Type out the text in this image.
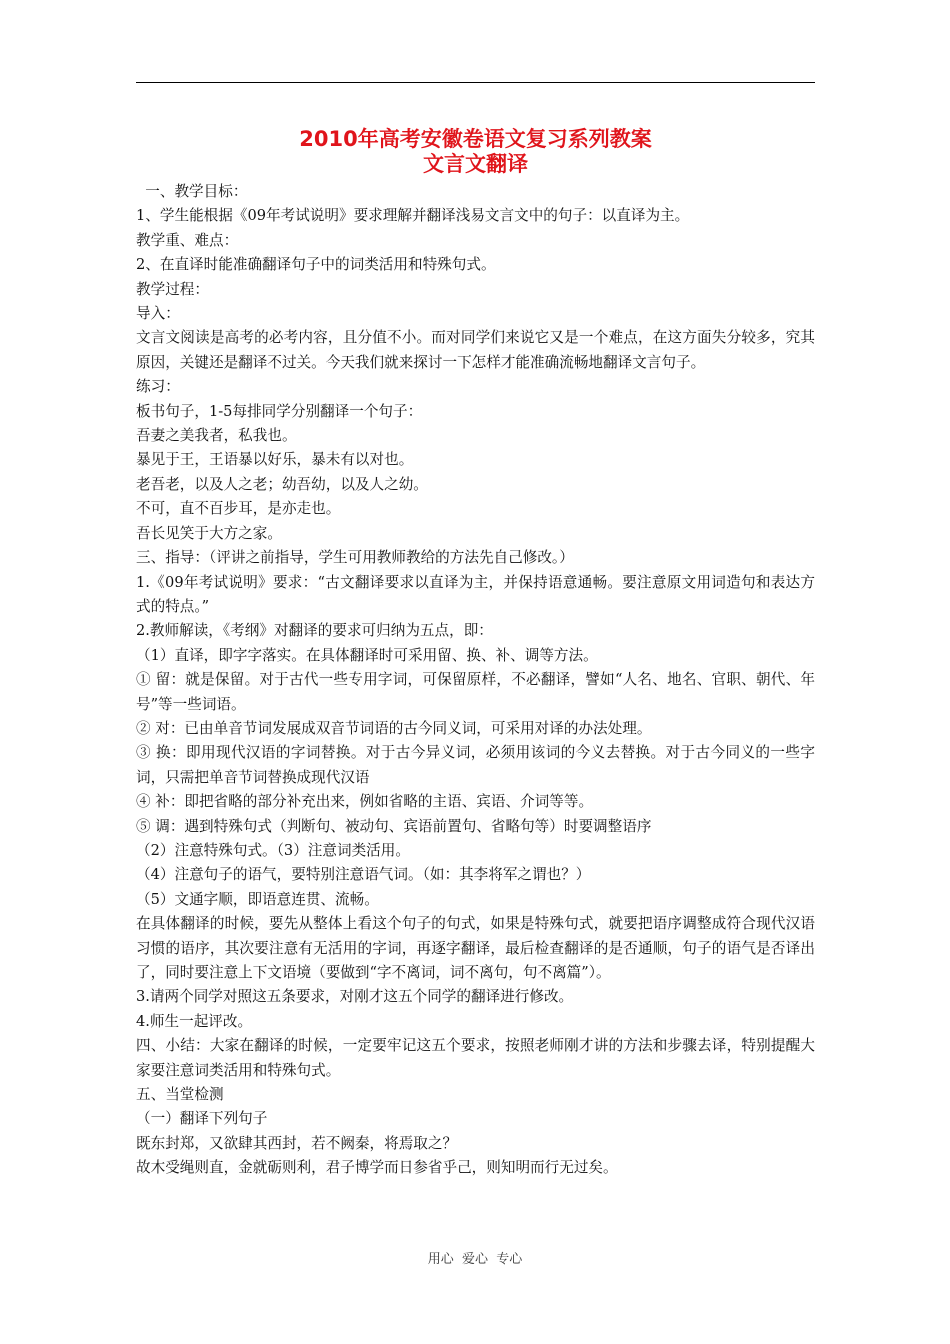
2010年高考安徽卷语文复习系列教案
文言文翻译

一、教学目标：

1、学生能根据《09年考试说明》要求理解并翻译浅易文言文中的句子：以直译为主。

教学重、难点：

2、在直译时能准确翻译句子中的词类活用和特殊句式。

教学过程：

导入：

文言文阅读是高考的必考内容，且分值不小。而对同学们来说它又是一个难点，在这方面失分较多，究其原因，关键还是翻译不过关。今天我们就来探讨一下怎样才能准确流畅地翻译文言句子。

练习：

板书句子，1-5每排同学分别翻译一个句子：

吾妻之美我者，私我也。

暴见于王，王语暴以好乐，暴未有以对也。

老吾老，以及人之老；幼吾幼，以及人之幼。

不可，直不百步耳，是亦走也。

吾长见笑于大方之家。

三、指导：（评讲之前指导，学生可用教师教给的方法先自己修改。）

1.《09年考试说明》要求：“古文翻译要求以直译为主，并保持语意通畅。要注意原文用词造句和表达方式的特点。”

2.教师解读，《考纲》对翻译的要求可归纳为五点，即：

（1）直译，即字字落实。在具体翻译时可采用留、换、补、调等方法。

① 留：就是保留。对于古代一些专用字词，可保留原样，不必翻译，譬如“人名、地名、官职、朝代、年号”等一些词语。

② 对：已由单音节词发展成双音节词语的古今同义词，可采用对译的办法处理。

③ 换：即用现代汉语的字词替换。对于古今异义词，必须用该词的今义去替换。对于古今同义的一些字词，只需把单音节词替换成现代汉语

④ 补：即把省略的部分补充出来，例如省略的主语、宾语、介词等等。

⑤ 调：遇到特殊句式（判断句、被动句、宾语前置句、省略句等）时要调整语序

（2）注意特殊句式。（3）注意词类活用。

（4）注意句子的语气，要特别注意语气词。（如：其李将军之谓也？）

（5）文通字顺，即语意连贯、流畅。

在具体翻译的时候，要先从整体上看这个句子的句式，如果是特殊句式，就要把语序调整成符合现代汉语习惯的语序，其次要注意有无活用的字词，再逐字翻译，最后检查翻译的是否通顺，句子的语气是否译出了，同时要注意上下文语境（要做到“字不离词，词不离句，句不离篇”）。

3.请两个同学对照这五条要求，对刚才这五个同学的翻译进行修改。

4.师生一起评改。

四、小结：大家在翻译的时候，一定要牢记这五个要求，按照老师刚才讲的方法和步骤去译，特别提醒大家要注意词类活用和特殊句式。

五、当堂检测

（一）翻译下列句子

既东封郑，又欲肆其西封，若不阙秦，将焉取之？

故木受绳则直，金就砺则利，君子博学而日参省乎己，则知明而行无过矣。

用心  爱心  专心
